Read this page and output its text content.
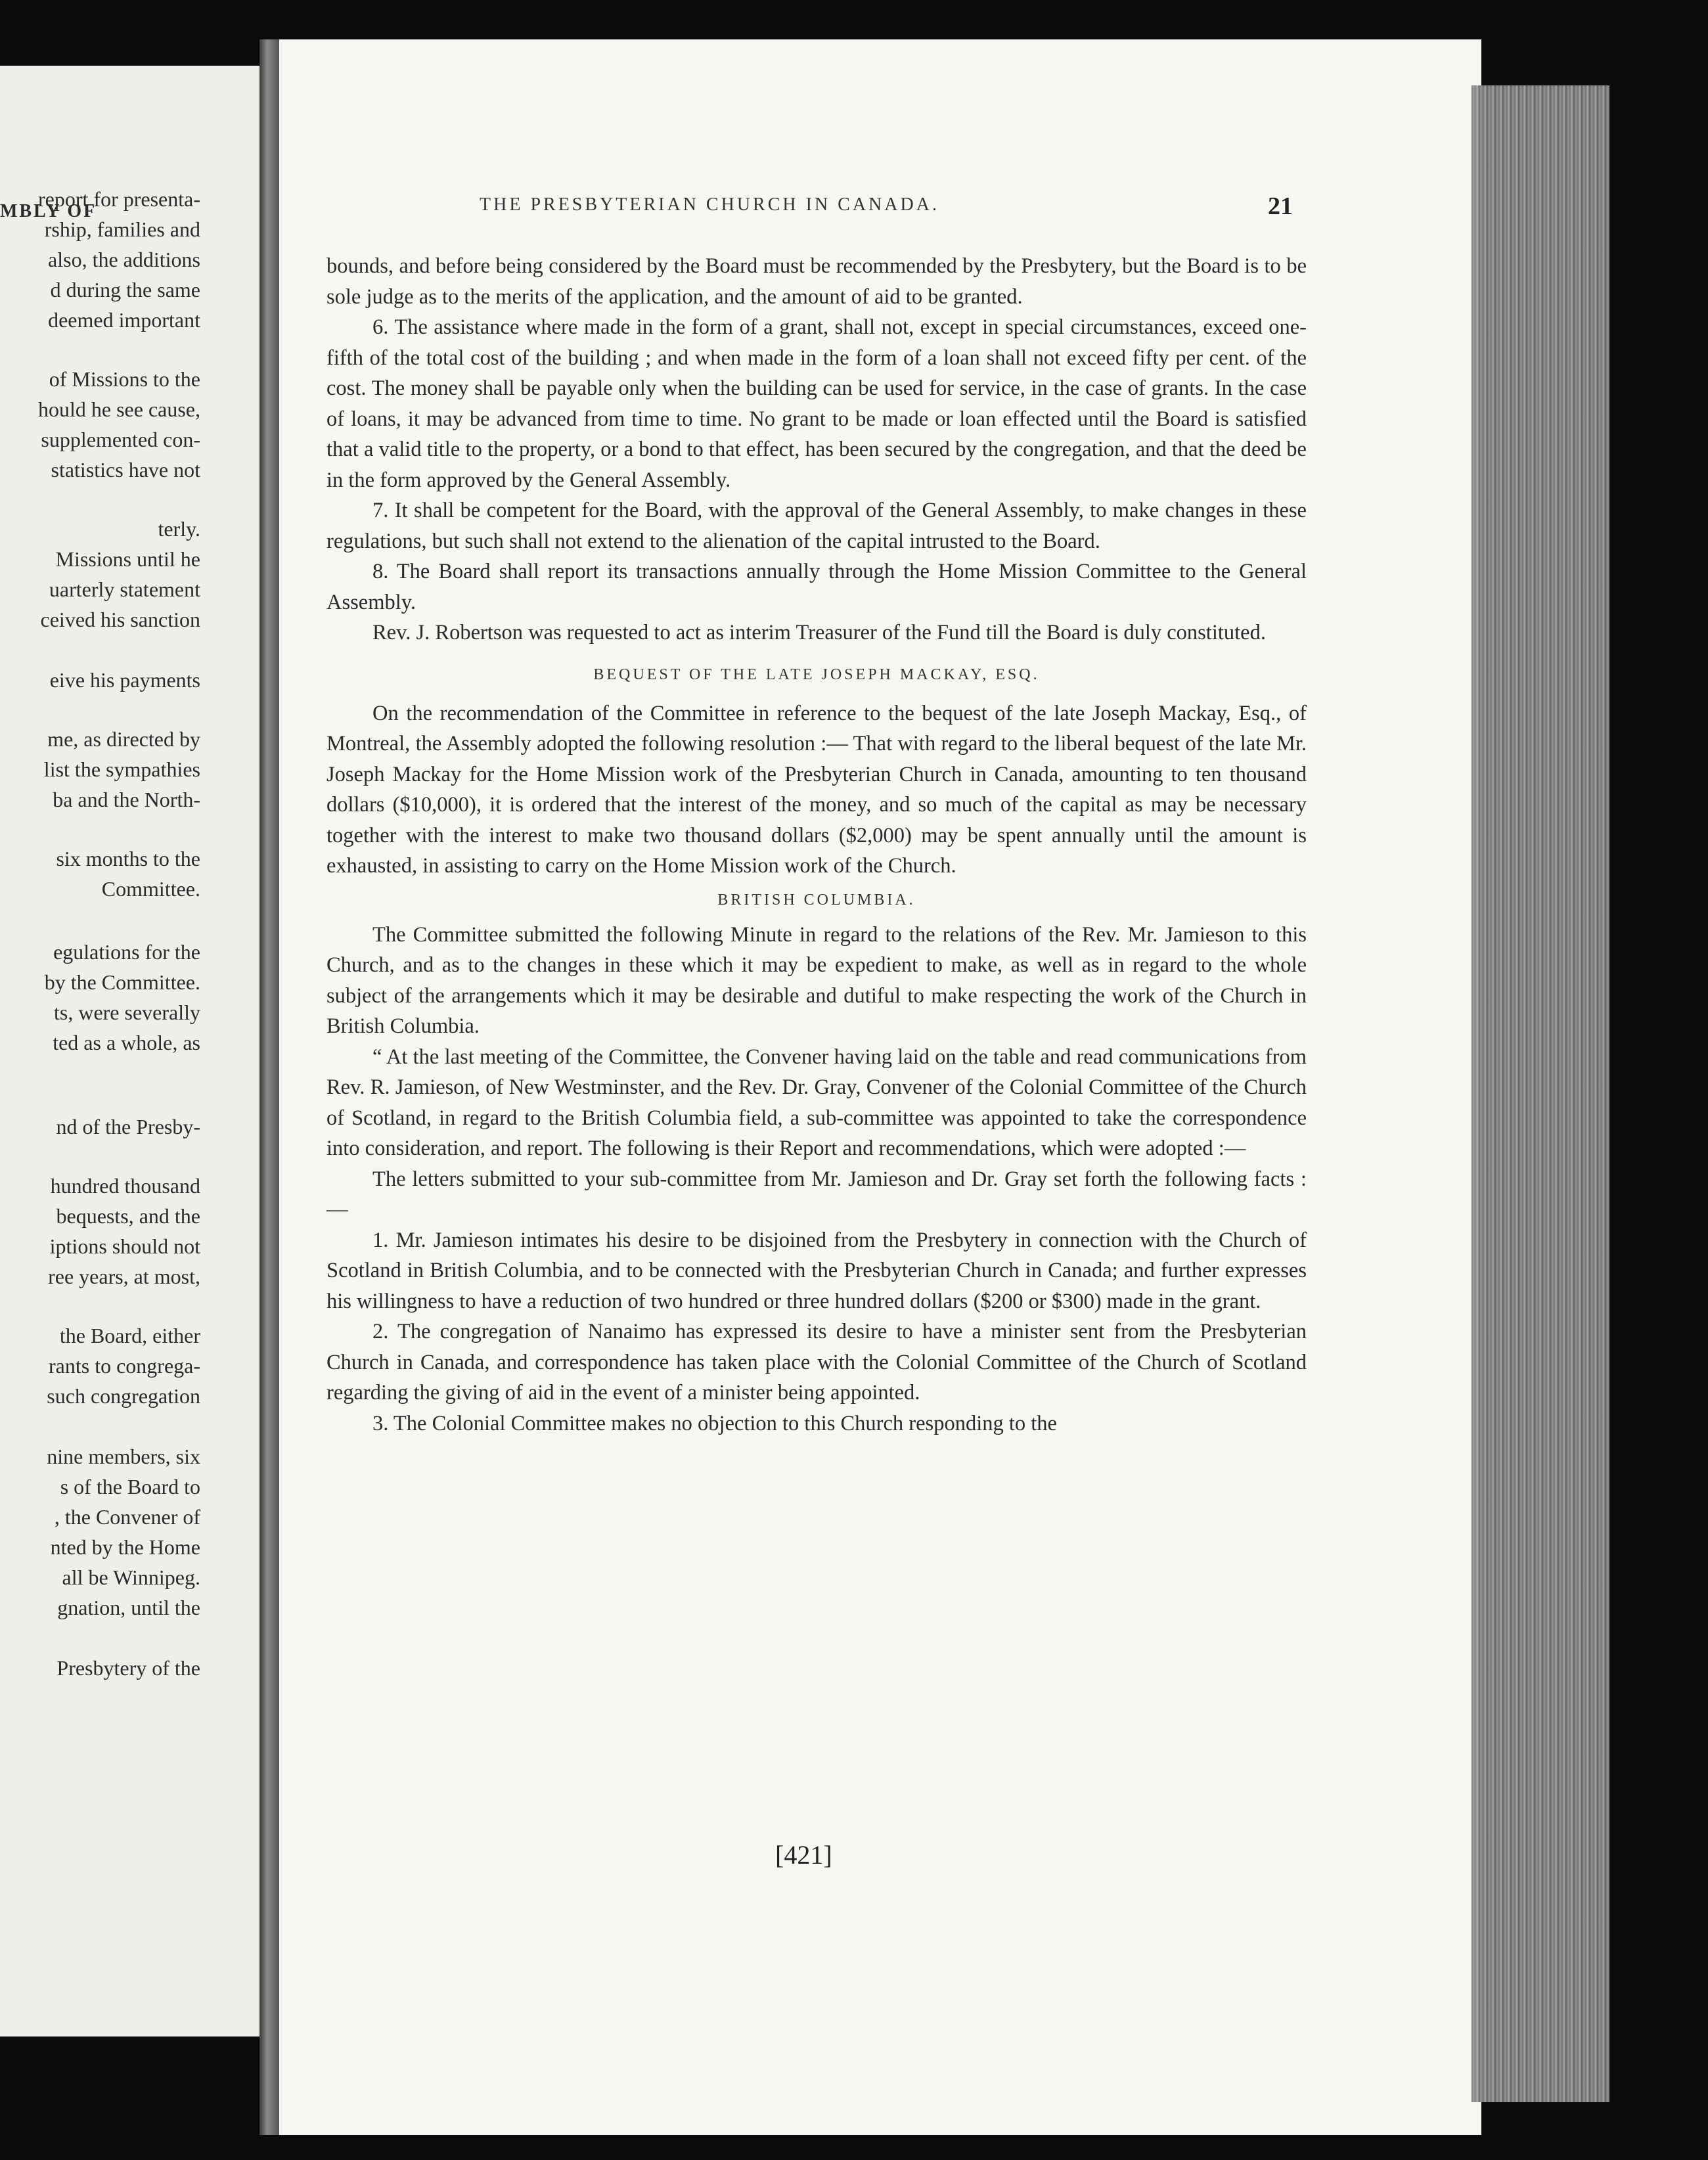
MBLY OF
report for presenta-
rship, families and
also, the additions
d during the same
deemed important
of Missions to the
hould he see cause,
supplemented con-
statistics have not
terly.
Missions until he
uarterly statement
ceived his sanction
eive his payments
me, as directed by
list the sympathies
ba and the North-
six months to the
Committee.
egulations for the
by the Committee.
ts, were severally
ted as a whole, as
nd of the Presby-
hundred thousand
bequests, and the
iptions should not
ree years, at most,
the Board, either
rants to congrega-
such congregation
nine members, six
s of the Board to
, the Convener of
nted by the Home
all be Winnipeg.
gnation, until the
Presbytery of the
THE PRESBYTERIAN CHURCH IN CANADA.	21

bounds, and before being considered by the Board must be recommended by the Presbytery, but the Board is to be sole judge as to the merits of the application, and the amount of aid to be granted.

6. The assistance where made in the form of a grant, shall not, except in special circumstances, exceed one-fifth of the total cost of the building ; and when made in the form of a loan shall not exceed fifty per cent. of the cost. The money shall be payable only when the building can be used for service, in the case of grants. In the case of loans, it may be advanced from time to time. No grant to be made or loan effected until the Board is satisfied that a valid title to the property, or a bond to that effect, has been secured by the congregation, and that the deed be in the form approved by the General Assembly.

7. It shall be competent for the Board, with the approval of the General Assembly, to make changes in these regulations, but such shall not extend to the alienation of the capital intrusted to the Board.

8. The Board shall report its transactions annually through the Home Mission Committee to the General Assembly.

Rev. J. Robertson was requested to act as interim Treasurer of the Fund till the Board is duly constituted.

BEQUEST OF THE LATE JOSEPH MACKAY, ESQ.

On the recommendation of the Committee in reference to the bequest of the late Joseph Mackay, Esq., of Montreal, the Assembly adopted the following resolution :— That with regard to the liberal bequest of the late Mr. Joseph Mackay for the Home Mission work of the Presbyterian Church in Canada, amounting to ten thousand dollars ($10,000), it is ordered that the interest of the money, and so much of the capital as may be necessary together with the interest to make two thousand dollars ($2,000) may be spent annually until the amount is exhausted, in assisting to carry on the Home Mission work of the Church.

BRITISH COLUMBIA.

The Committee submitted the following Minute in regard to the relations of the Rev. Mr. Jamieson to this Church, and as to the changes in these which it may be expedient to make, as well as in regard to the whole subject of the arrangements which it may be desirable and dutiful to make respecting the work of the Church in British Columbia.

“ At the last meeting of the Committee, the Convener having laid on the table and read communications from Rev. R. Jamieson, of New Westminster, and the Rev. Dr. Gray, Convener of the Colonial Committee of the Church of Scotland, in regard to the British Columbia field, a sub-committee was appointed to take the correspondence into consideration, and report. The following is their Report and recommendations, which were adopted :—

The letters submitted to your sub-committee from Mr. Jamieson and Dr. Gray set forth the following facts :—

1. Mr. Jamieson intimates his desire to be disjoined from the Presbytery in connection with the Church of Scotland in British Columbia, and to be connected with the Presbyterian Church in Canada; and further expresses his willingness to have a reduction of two hundred or three hundred dollars ($200 or $300) made in the grant.

2. The congregation of Nanaimo has expressed its desire to have a minister sent from the Presbyterian Church in Canada, and correspondence has taken place with the Colonial Committee of the Church of Scotland regarding the giving of aid in the event of a minister being appointed.

3. The Colonial Committee makes no objection to this Church responding to the

[421]
